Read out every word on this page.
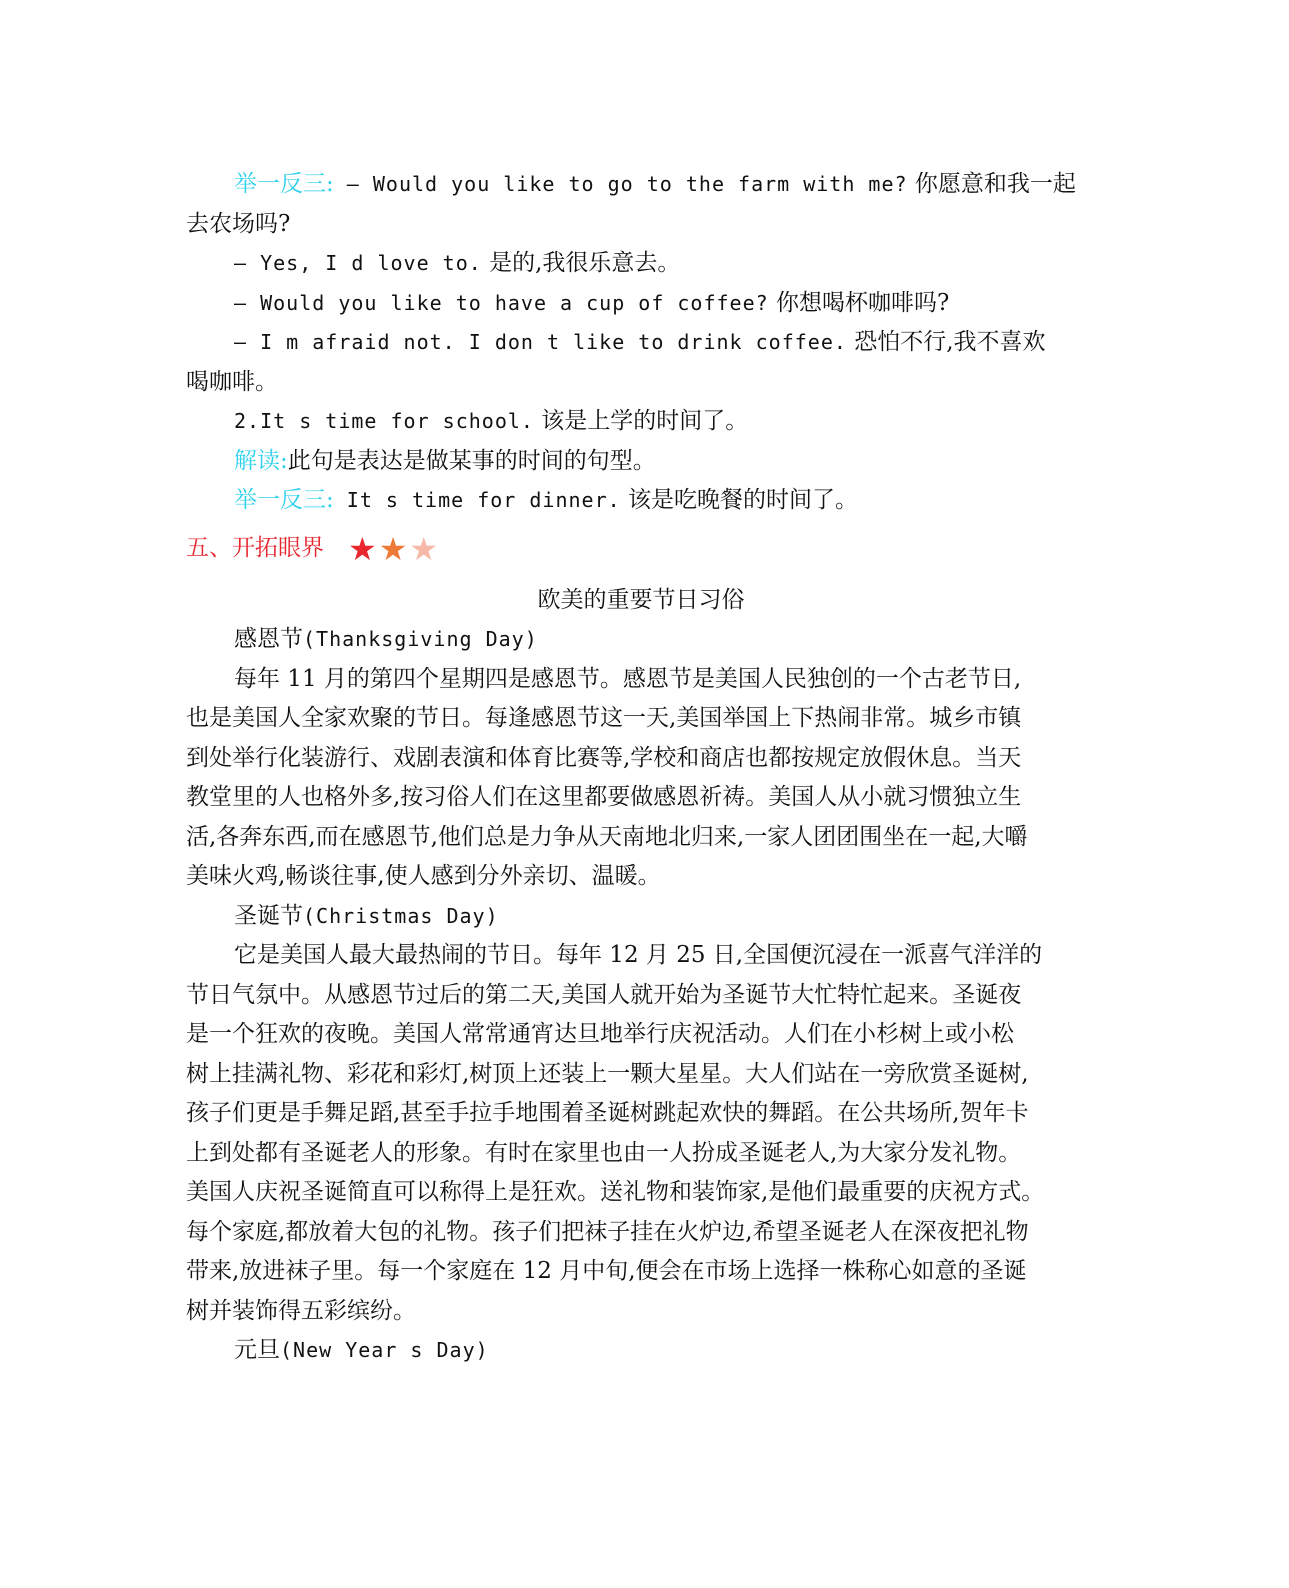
举一反三: — Would you like to go to the farm with me? 你愿意和我一起
去农场吗?
— Yes, I d love to. 是的,我很乐意去。
— Would you like to have a cup of coffee? 你想喝杯咖啡吗?
— I m afraid not. I don t like to drink coffee. 恐怕不行,我不喜欢
喝咖啡。
2.It s time for school. 该是上学的时间了。
解读:此句是表达是做某事的时间的句型。
举一反三: It s time for dinner. 该是吃晚餐的时间了。
五、开拓眼界 ★ ★ ★
欧美的重要节日习俗
感恩节(Thanksgiving Day)
每年 11 月的第四个星期四是感恩节。感恩节是美国人民独创的一个古老节日,
也是美国人全家欢聚的节日。每逢感恩节这一天,美国举国上下热闹非常。城乡市镇
到处举行化装游行、戏剧表演和体育比赛等,学校和商店也都按规定放假休息。当天
教堂里的人也格外多,按习俗人们在这里都要做感恩祈祷。美国人从小就习惯独立生
活,各奔东西,而在感恩节,他们总是力争从天南地北归来,一家人团团围坐在一起,大嚼
美味火鸡,畅谈往事,使人感到分外亲切、温暖。
圣诞节(Christmas Day)
它是美国人最大最热闹的节日。每年 12 月 25 日,全国便沉浸在一派喜气洋洋的
节日气氛中。从感恩节过后的第二天,美国人就开始为圣诞节大忙特忙起来。圣诞夜
是一个狂欢的夜晚。美国人常常通宵达旦地举行庆祝活动。人们在小杉树上或小松
树上挂满礼物、彩花和彩灯,树顶上还装上一颗大星星。大人们站在一旁欣赏圣诞树,
孩子们更是手舞足蹈,甚至手拉手地围着圣诞树跳起欢快的舞蹈。在公共场所,贺年卡
上到处都有圣诞老人的形象。有时在家里也由一人扮成圣诞老人,为大家分发礼物。
美国人庆祝圣诞简直可以称得上是狂欢。送礼物和装饰家,是他们最重要的庆祝方式。
每个家庭,都放着大包的礼物。孩子们把袜子挂在火炉边,希望圣诞老人在深夜把礼物
带来,放进袜子里。每一个家庭在 12 月中旬,便会在市场上选择一株称心如意的圣诞
树并装饰得五彩缤纷。
元旦(New Year s Day)
